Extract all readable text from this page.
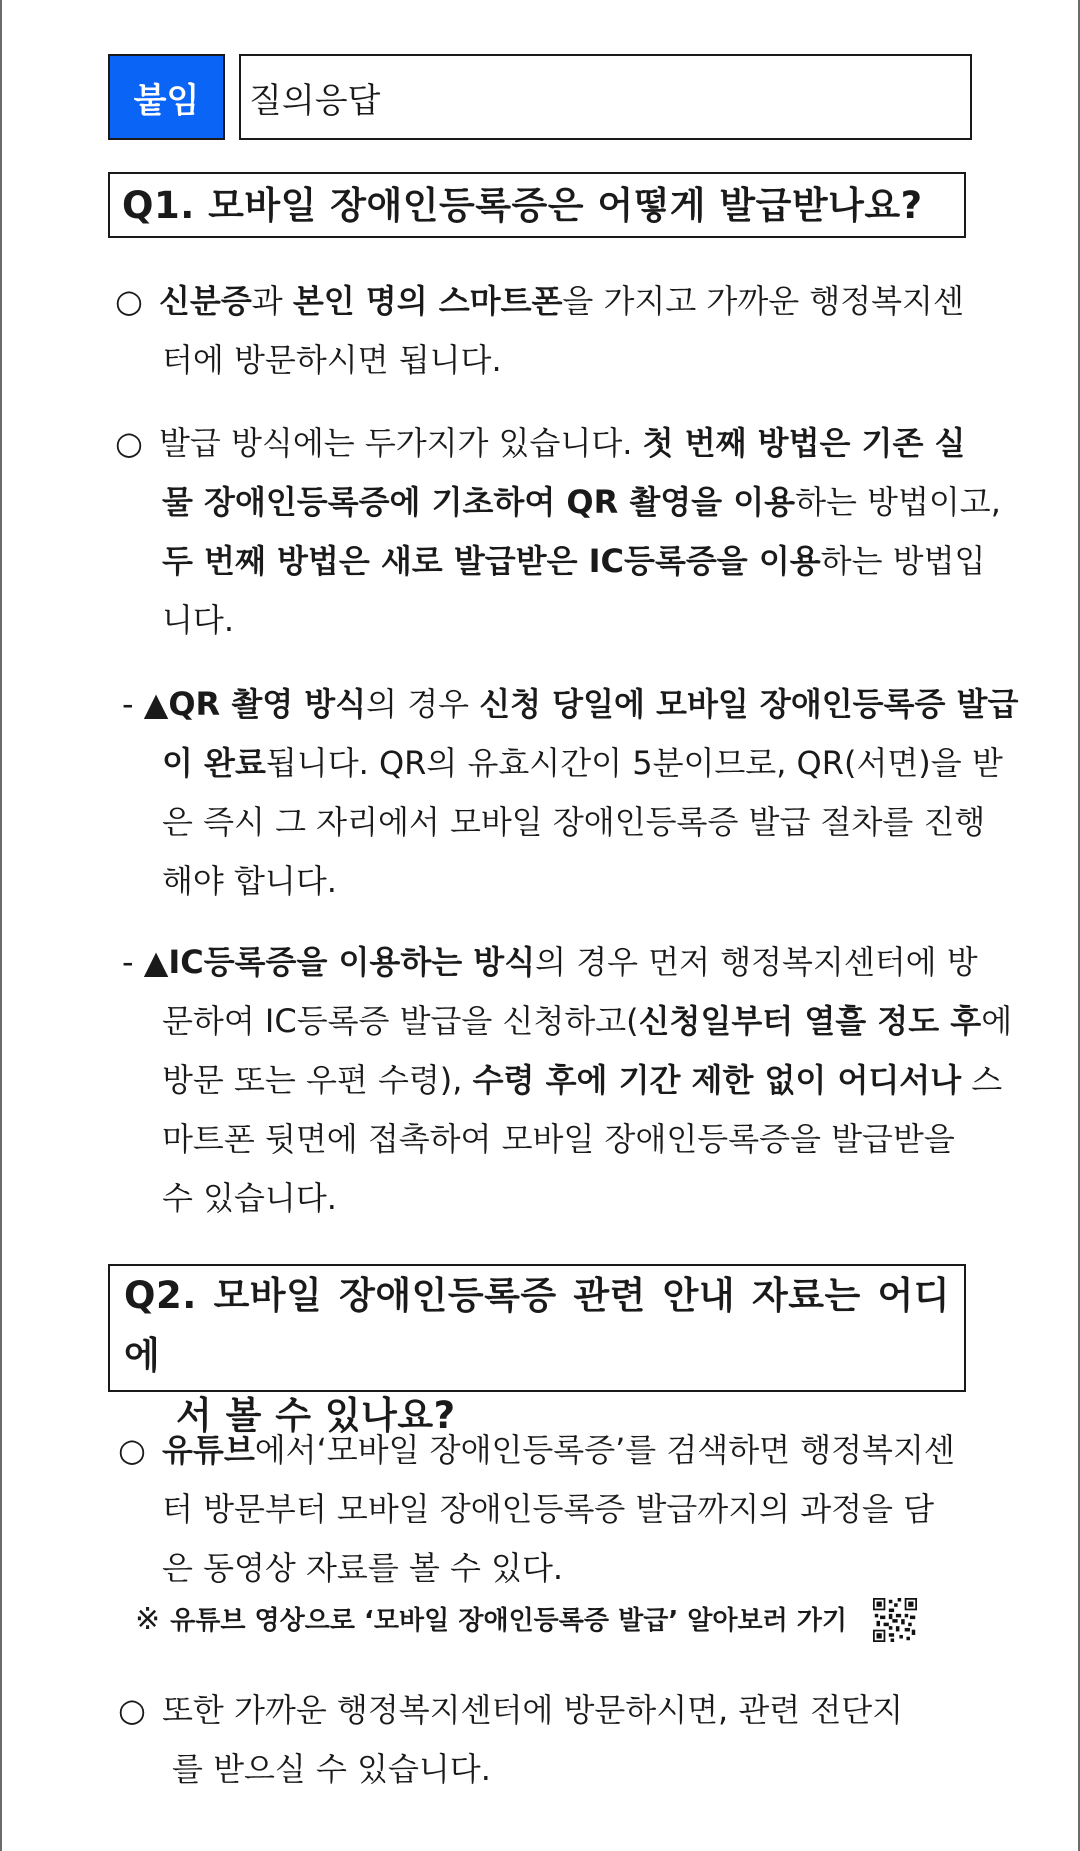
붙임	질의응답
Q1. 모바일 장애인등록증은 어떻게 발급받나요?
○ 신분증과 본인 명의 스마트폰을 가지고 가까운 행정복지센
터에 방문하시면 됩니다.
○ 발급 방식에는 두가지가 있습니다. 첫 번째 방법은 기존 실
물 장애인등록증에 기초하여 QR 촬영을 이용하는 방법이고,
두 번째 방법은 새로 발급받은 IC등록증을 이용하는 방법입
니다.
- ▲QR 촬영 방식의 경우 신청 당일에 모바일 장애인등록증 발급
이 완료됩니다. QR의 유효시간이 5분이므로, QR(서면)을 받
은 즉시 그 자리에서 모바일 장애인등록증 발급 절차를 진행
해야 합니다.
- ▲IC등록증을 이용하는 방식의 경우 먼저 행정복지센터에 방
문하여 IC등록증 발급을 신청하고(신청일부터 열흘 정도 후에
방문 또는 우편 수령), 수령 후에 기간 제한 없이 어디서나 스
마트폰 뒷면에 접촉하여 모바일 장애인등록증을 발급받을
수 있습니다.
Q2. 모바일 장애인등록증 관련 안내 자료는 어디에
서 볼 수 있나요?
○ 유튜브에서‘모바일 장애인등록증’를 검색하면 행정복지센
터 방문부터 모바일 장애인등록증 발급까지의 과정을 담
은 동영상 자료를 볼 수 있다.
※ 유튜브 영상으로 ‘모바일 장애인등록증 발급’ 알아보러 가기
○ 또한 가까운 행정복지센터에 방문하시면, 관련 전단지
를 받으실 수 있습니다.
